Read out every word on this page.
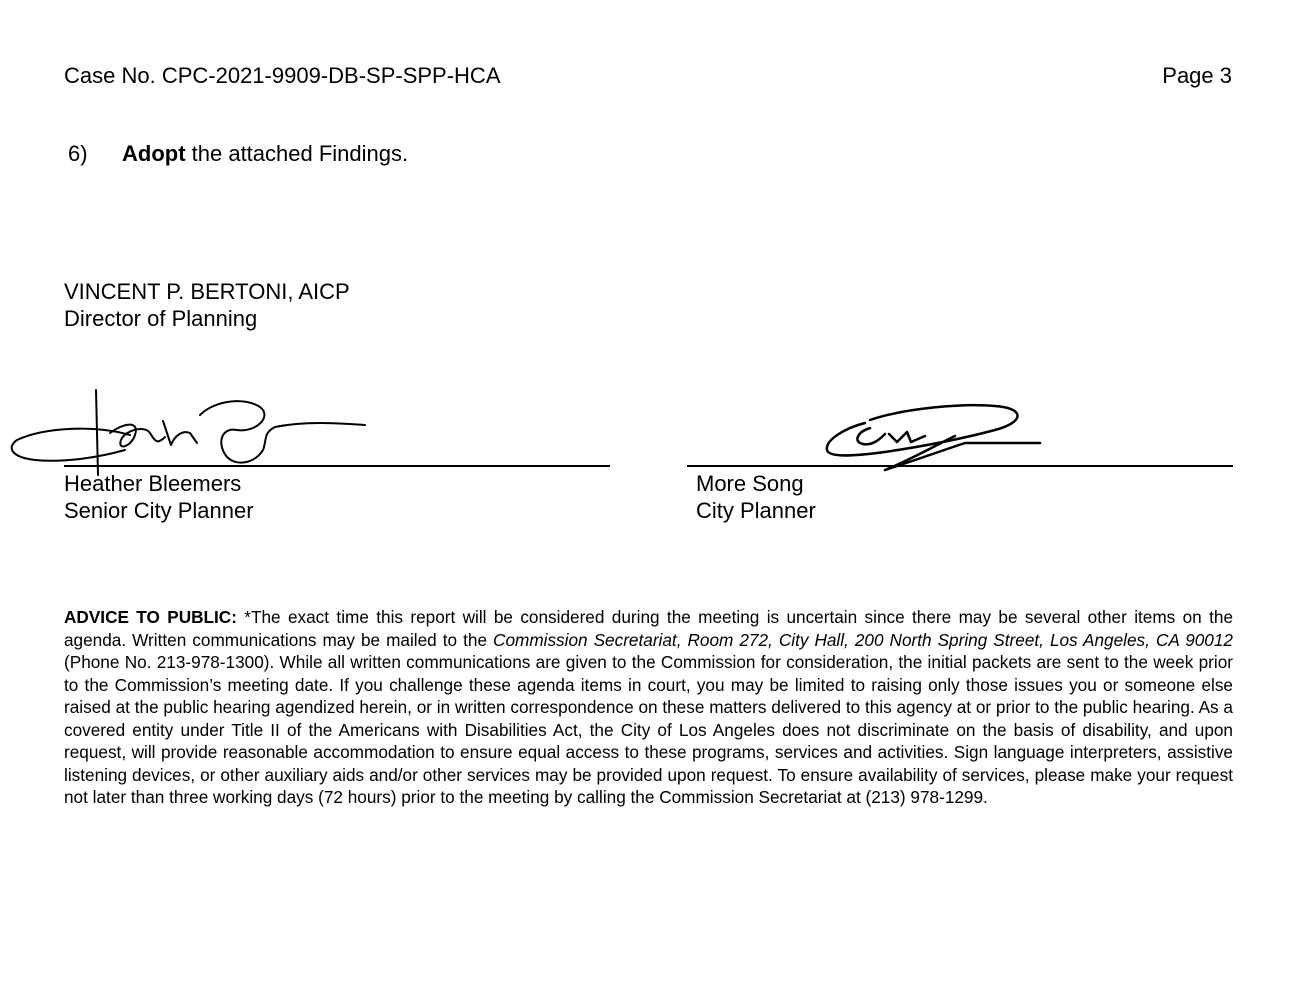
Case No. CPC-2021-9909-DB-SP-SPP-HCA	Page 3
6) Adopt the attached Findings.
VINCENT P. BERTONI, AICP
Director of Planning
Heather Bleemers
Senior City Planner
More Song
City Planner
ADVICE TO PUBLIC: *The exact time this report will be considered during the meeting is uncertain since there may be several other items on the agenda. Written communications may be mailed to the Commission Secretariat, Room 272, City Hall, 200 North Spring Street, Los Angeles, CA 90012 (Phone No. 213-978-1300). While all written communications are given to the Commission for consideration, the initial packets are sent to the week prior to the Commission’s meeting date. If you challenge these agenda items in court, you may be limited to raising only those issues you or someone else raised at the public hearing agendized herein, or in written correspondence on these matters delivered to this agency at or prior to the public hearing. As a covered entity under Title II of the Americans with Disabilities Act, the City of Los Angeles does not discriminate on the basis of disability, and upon request, will provide reasonable accommodation to ensure equal access to these programs, services and activities. Sign language interpreters, assistive listening devices, or other auxiliary aids and/or other services may be provided upon request. To ensure availability of services, please make your request not later than three working days (72 hours) prior to the meeting by calling the Commission Secretariat at (213) 978-1299.
